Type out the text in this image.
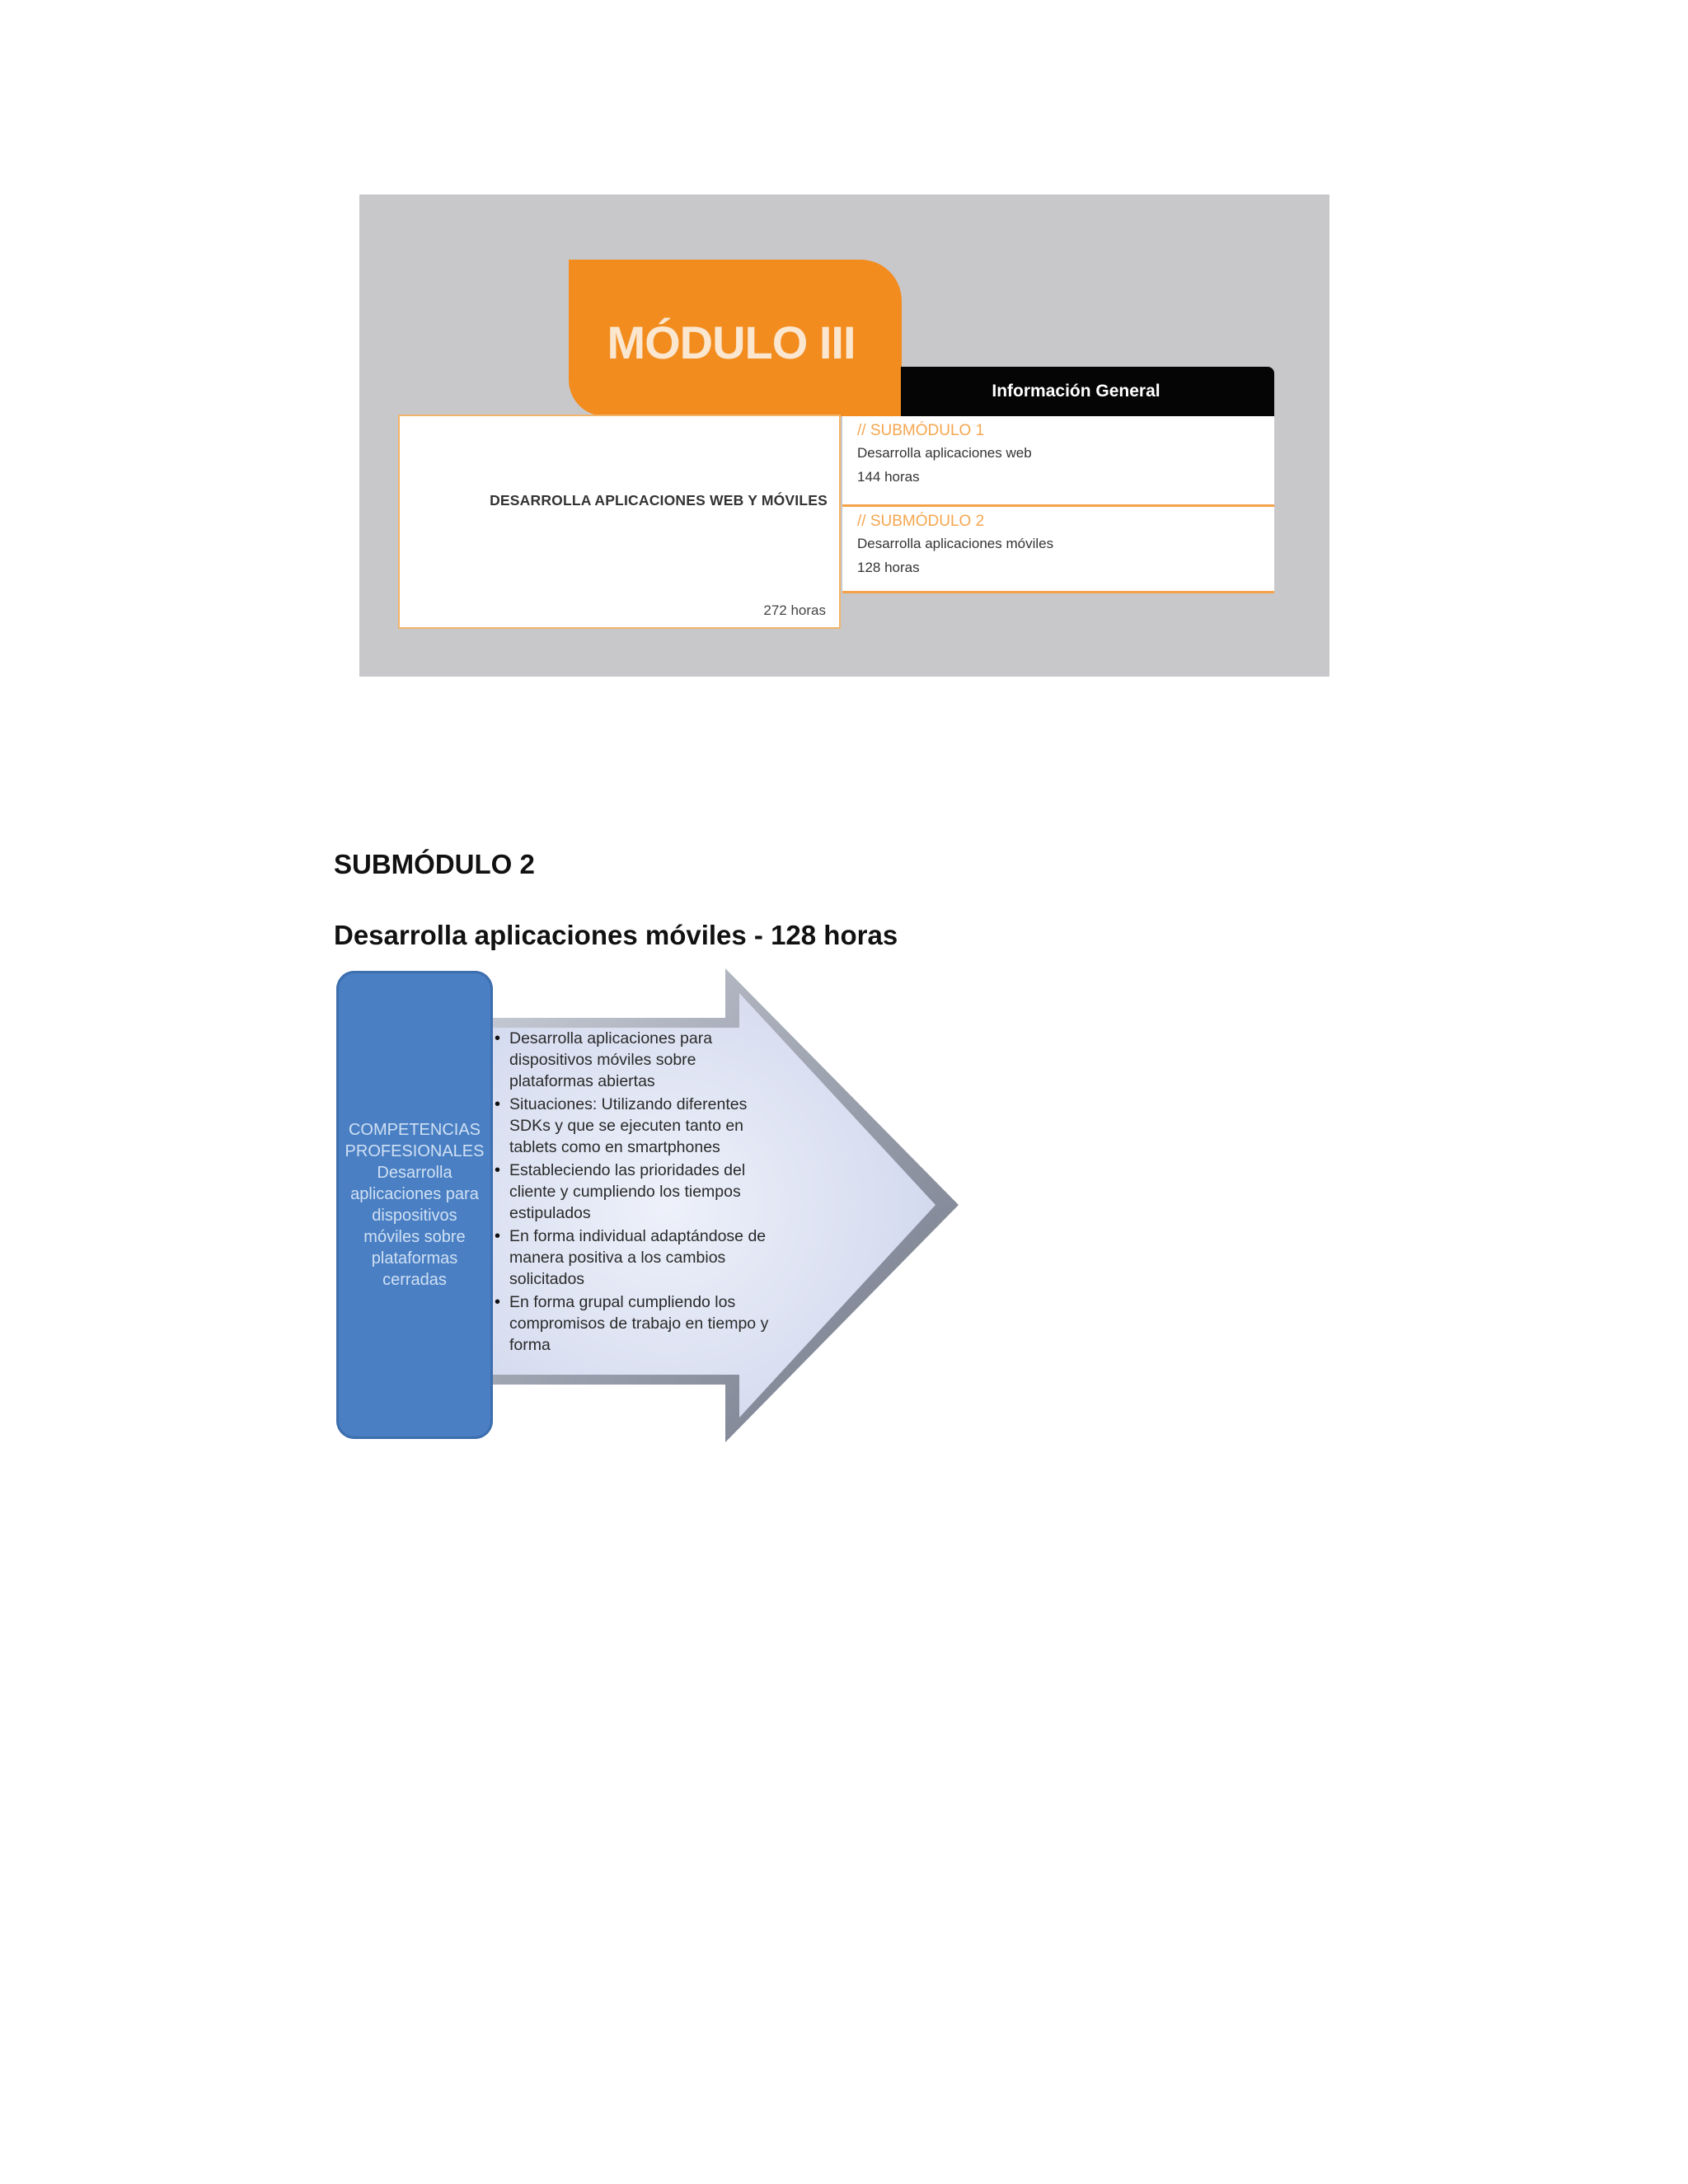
MÓDULO III
Información General
DESARROLLA APLICACIONES WEB Y MÓVILES
272 horas
// SUBMÓDULO 1
Desarrolla aplicaciones web
144 horas
// SUBMÓDULO 2
Desarrolla aplicaciones móviles
128 horas
SUBMÓDULO 2
Desarrolla aplicaciones móviles - 128 horas
COMPETENCIAS PROFESIONALES
Desarrolla aplicaciones para dispositivos móviles sobre plataformas cerradas
• Desarrolla aplicaciones para dispositivos móviles sobre plataformas abiertas
• Situaciones: Utilizando diferentes SDKs y que se ejecuten tanto en tablets como en smartphones
• Estableciendo las prioridades del cliente y cumpliendo los tiempos estipulados
• En forma individual adaptándose de manera positiva a los cambios solicitados
• En forma grupal cumpliendo los compromisos de trabajo en tiempo y forma
